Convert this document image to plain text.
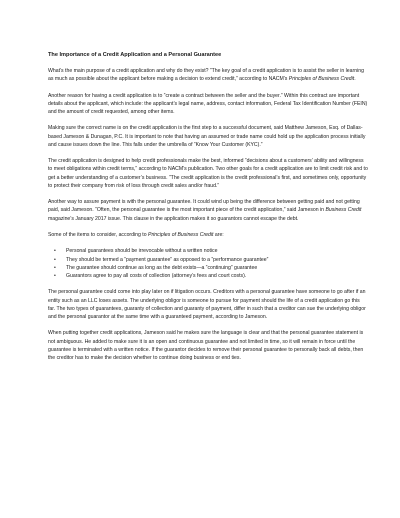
The Importance of a Credit Application and a Personal Guarantee

What’s the main purpose of a credit application and why do they exist? “The key goal of a credit application is to assist the seller in learning as much as possible about the applicant before making a decision to extend credit,” according to NACM’s Principles of Business Credit.

Another reason for having a credit application is to “create a contract between the seller and the buyer.” Within this contract are important details about the applicant, which include: the applicant’s legal name, address, contact information, Federal Tax Identification Number (FEIN) and the amount of credit requested, among other items.

Making sure the correct name is on the credit application is the first step to a successful document, said Matthew Jameson, Esq. of Dallas-based Jameson & Dunagan, P.C. It is important to note that having an assumed or trade name could hold up the application process initially and cause issues down the line. This falls under the umbrella of “Know Your Customer (KYC).”

The credit application is designed to help credit professionals make the best, informed “decisions about a customers’ ability and willingness to meet obligations within credit terms,” according to NACM’s publication. Two other goals for a credit application are to limit credit risk and to get a better understanding of a customer’s business. “The credit application is the credit professional’s first, and sometimes only, opportunity to protect their company from risk of loss through credit sales and/or fraud.”

Another way to assure payment is with the personal guarantee. It could wind up being the difference between getting paid and not getting paid, said Jameson. “Often, the personal guarantee is the most important piece of the credit application,” said Jameson in Business Credit magazine’s January 2017 issue. This clause in the application makes it so guarantors cannot escape the debt.

Some of the items to consider, according to Principles of Business Credit are:

• Personal guarantees should be irrevocable without a written notice
• They should be termed a “payment guarantee” as opposed to a “performance guarantee”
• The guarantee should continue as long as the debt exists—a “continuing” guarantee
• Guarantors agree to pay all costs of collection (attorney’s fees and court costs).

The personal guarantee could come into play later on if litigation occurs. Creditors with a personal guarantee have someone to go after if an entity such as an LLC loses assets. The underlying obligor is someone to pursue for payment should the life of a credit application go this far. The two types of guarantees, guaranty of collection and guaranty of payment, differ in such that a creditor can sue the underlying obligor and the personal guarantor at the same time with a guaranteed payment, according to Jameson.

When putting together credit applications, Jameson said he makes sure the language is clear and that the personal guarantee statement is not ambiguous. He added to make sure it is an open and continuous guarantee and not limited in time, so it will remain in force until the guarantee is terminated with a written notice. If the guarantor decides to remove their personal guarantee to personally back all debts, then the creditor has to make the decision whether to continue doing business or end ties.
